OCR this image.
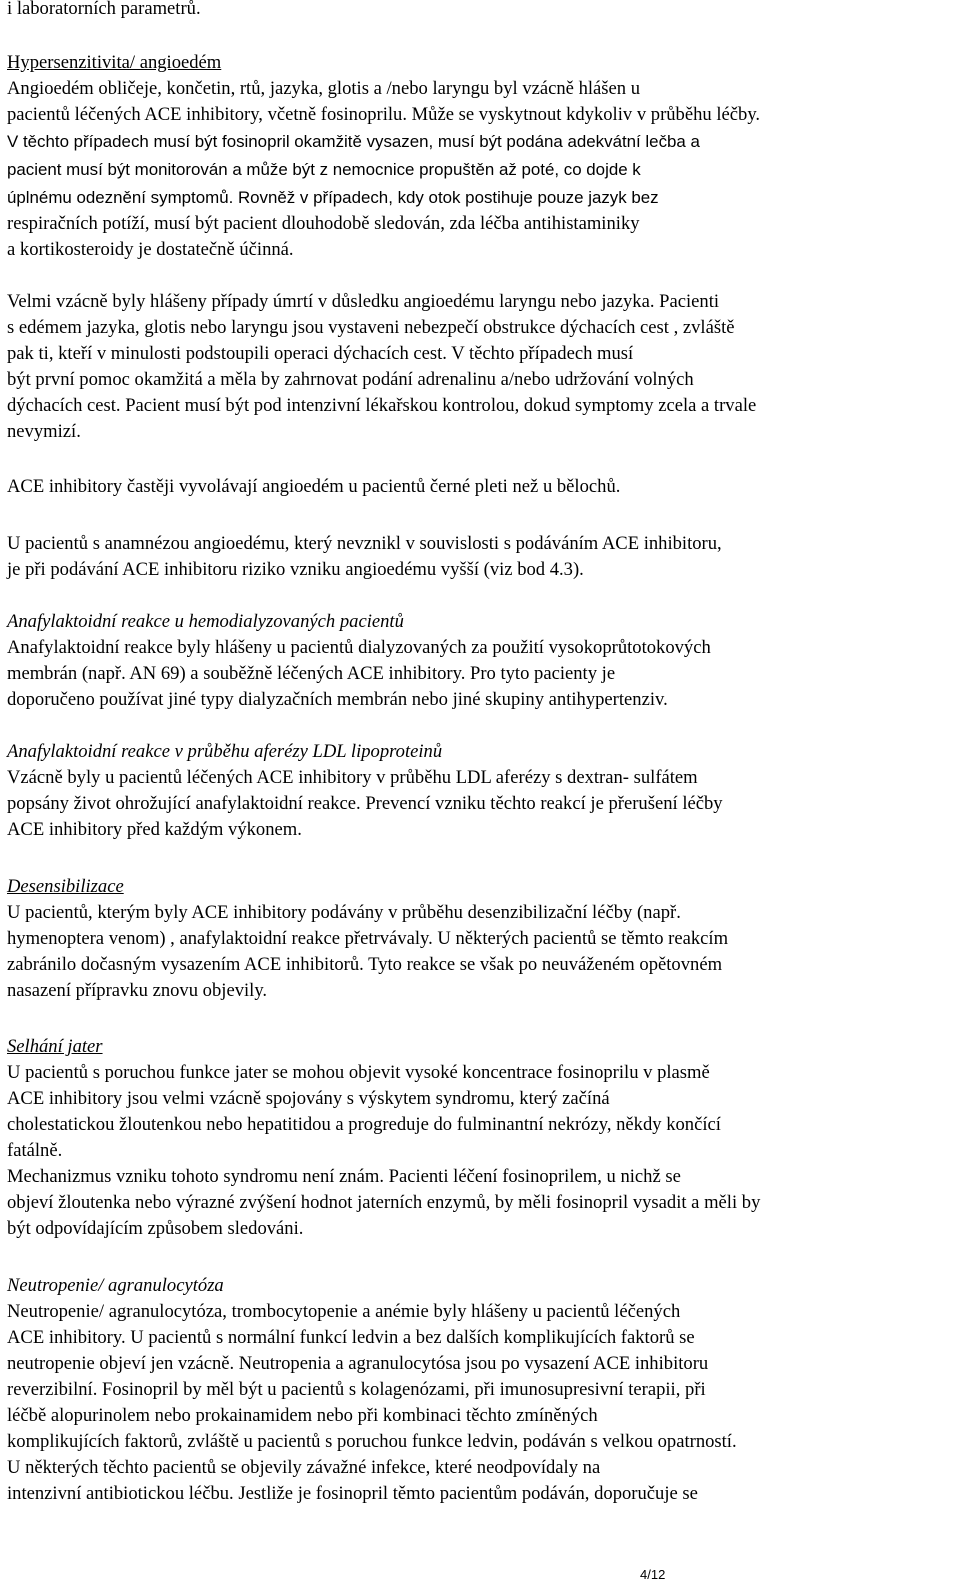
i laboratorních parametrů.
Hypersenzitivita/ angioedém
Angioedém obličeje, končetin, rtů, jazyka, glotis a /nebo laryngu byl vzácně hlášen u
pacientů léčených ACE inhibitory, včetně fosinoprilu. Může se vyskytnout kdykoliv v průběhu léčby.
V těchto případech musí být fosinopril okamžitě vysazen, musí být podána adekvátní lečba a
pacient musí být monitorován a může být z nemocnice propuštěn až poté, co dojde k
úplnému odeznění symptomů. Rovněž v případech, kdy otok postihuje pouze jazyk bez
respiračních potíží, musí být pacient dlouhodobě sledován, zda léčba antihistaminiky
a kortikosteroidy je dostatečně účinná.
Velmi vzácně byly hlášeny případy úmrtí v důsledku angioedému laryngu nebo jazyka. Pacienti
s edémem jazyka, glotis nebo laryngu jsou vystaveni nebezpečí obstrukce dýchacích cest , zvláště
pak ti, kteří v minulosti podstoupili operaci dýchacích cest. V těchto případech musí
být první pomoc okamžitá a měla by zahrnovat podání adrenalinu a/nebo udržování volných
dýchacích cest. Pacient musí být pod intenzivní lékařskou kontrolou, dokud symptomy zcela a trvale
nevymizí.
ACE inhibitory častěji vyvolávají angioedém u pacientů černé pleti než u bělochů.
U pacientů s anamnézou angioedému, který nevznikl v souvislosti s podáváním ACE inhibitoru,
je při podávání ACE inhibitoru riziko vzniku angioedému vyšší (viz bod 4.3).
Anafylaktoidní reakce u hemodialyzovaných pacientů
Anafylaktoidní reakce byly hlášeny u pacientů dialyzovaných za použití vysokoprůtotokových
membrán (např. AN 69) a souběžně léčených ACE inhibitory. Pro tyto pacienty je
doporučeno používat jiné typy dialyzačních membrán nebo jiné skupiny antihypertenziv.
Anafylaktoidní reakce v průběhu aferézy LDL lipoproteinů
Vzácně byly u pacientů léčených ACE inhibitory v průběhu LDL aferézy s dextran- sulfátem
popsány život ohrožující anafylaktoidní reakce. Prevencí vzniku těchto reakcí je přerušení léčby
ACE inhibitory před každým výkonem.
Desensibilizace
U pacientů, kterým byly ACE inhibitory podávány v průběhu desenzibilizační léčby (např.
hymenoptera venom) , anafylaktoidní reakce přetrvávaly. U některých pacientů se těmto reakcím
zabránilo dočasným vysazením ACE inhibitorů. Tyto reakce se však po neuváženém opětovném
nasazení přípravku znovu objevily.
Selhání jater
U pacientů s poruchou funkce jater se mohou objevit vysoké koncentrace fosinoprilu v plasmě
ACE inhibitory jsou velmi vzácně spojovány s výskytem syndromu, který začíná
cholestatickou žloutenkou nebo hepatitidou a progreduje do fulminantní nekrózy, někdy končící
fatálně.
Mechanizmus vzniku tohoto syndromu není znám. Pacienti léčení fosinoprilem, u nichž se
objeví žloutenka nebo výrazné zvýšení hodnot jaterních enzymů, by měli fosinopril vysadit a měli by
být odpovídajícím způsobem sledováni.
Neutropenie/ agranulocytóza
Neutropenie/ agranulocytóza, trombocytopenie a anémie byly hlášeny u pacientů léčených
ACE inhibitory. U pacientů s normální funkcí ledvin a bez dalších komplikujících faktorů se
neutropenie objeví jen vzácně. Neutropenia a agranulocytósa jsou po vysazení ACE inhibitoru
reverzibilní. Fosinopril by měl být u pacientů s kolagenózami, při imunosupresivní terapii, při
léčbě alopurinolem nebo prokainamidem nebo při kombinaci těchto zmíněných
komplikujících faktorů, zvláště u pacientů s poruchou funkce ledvin, podáván s velkou opatrností.
U některých těchto pacientů se objevily závažné infekce, které neodpovídaly na
intenzivní antibiotickou léčbu. Jestliže je fosinopril těmto pacientům podáván, doporučuje se
4/12
